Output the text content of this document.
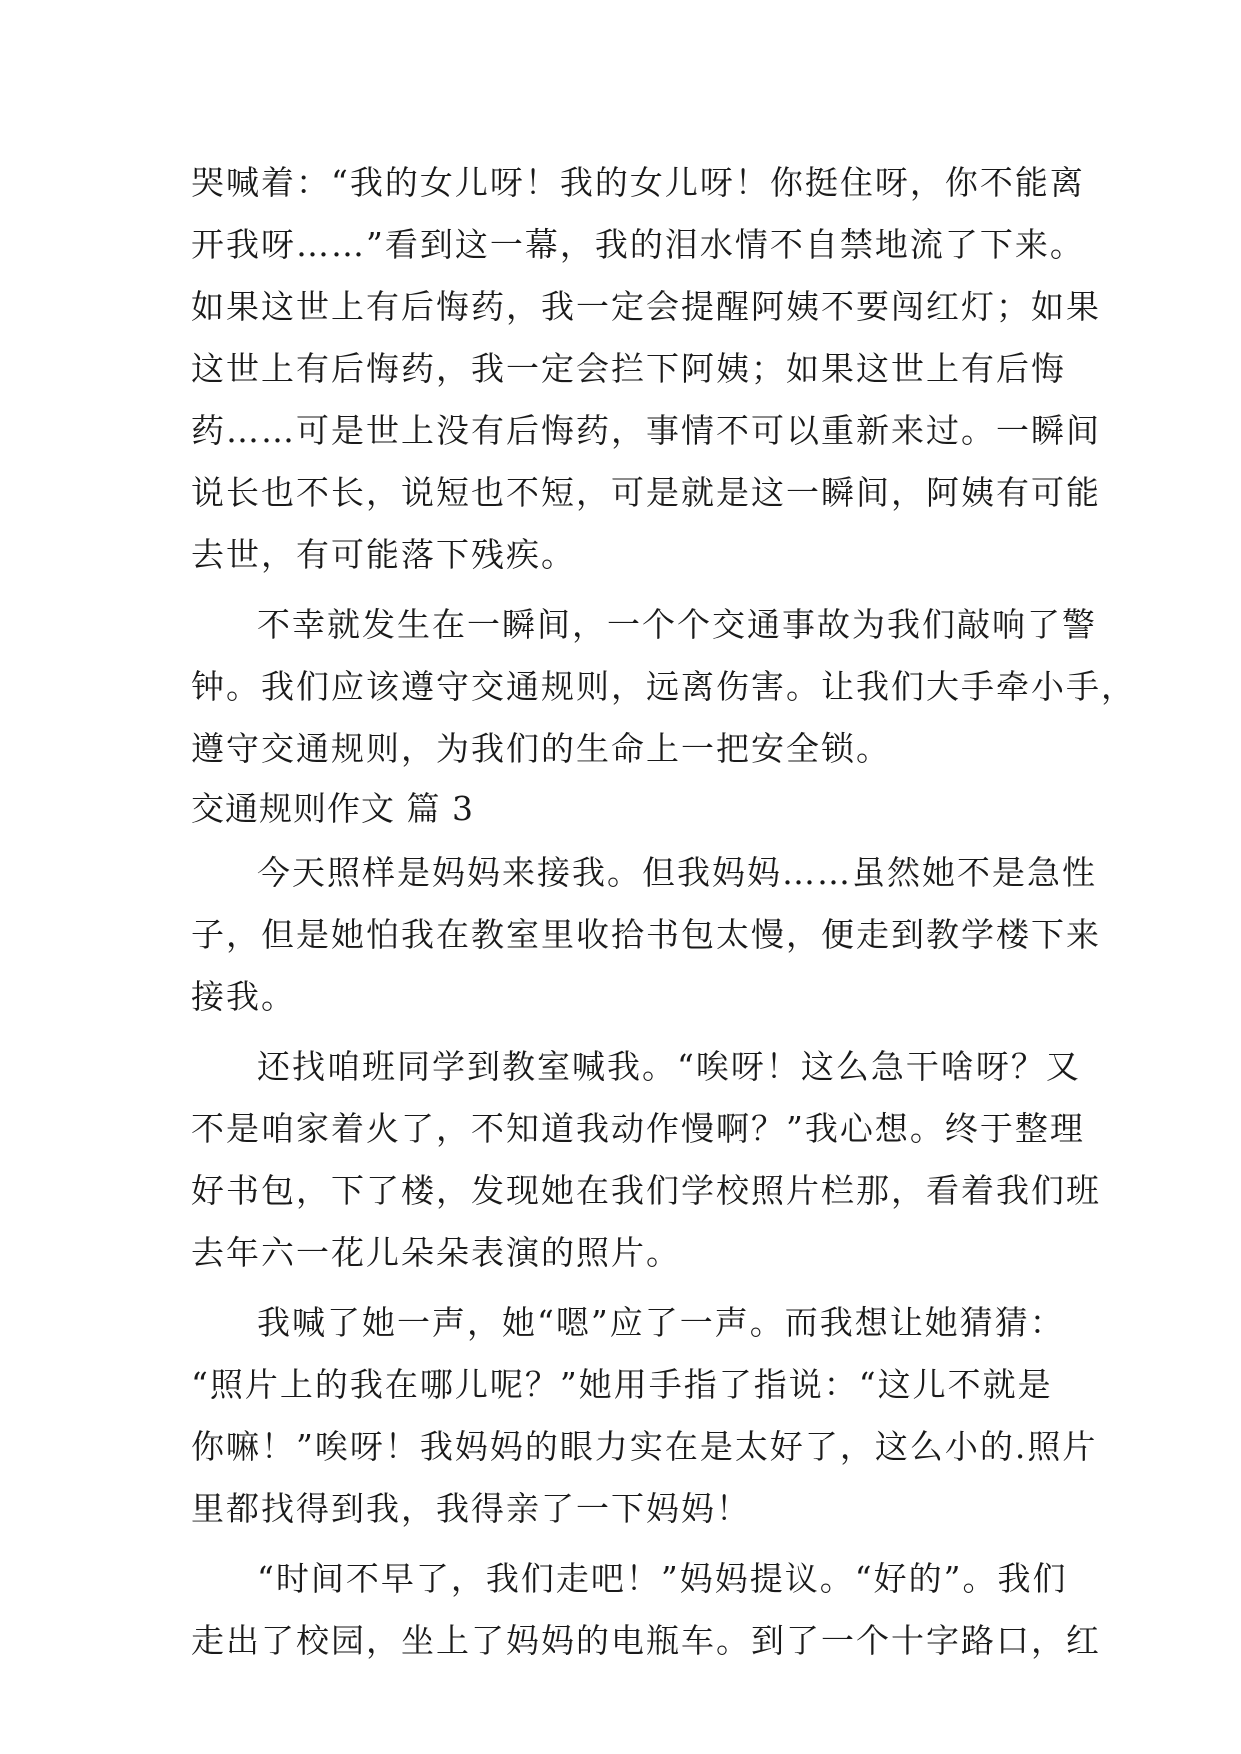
哭喊着：“我的女儿呀！我的女儿呀！你挺住呀，你不能离
开我呀……”看到这一幕，我的泪水情不自禁地流了下来。
如果这世上有后悔药，我一定会提醒阿姨不要闯红灯；如果
这世上有后悔药，我一定会拦下阿姨；如果这世上有后悔
药……可是世上没有后悔药，事情不可以重新来过。一瞬间
说长也不长，说短也不短，可是就是这一瞬间，阿姨有可能
去世，有可能落下残疾。
不幸就发生在一瞬间，一个个交通事故为我们敲响了警
钟。我们应该遵守交通规则，远离伤害。让我们大手牵小手，
遵守交通规则，为我们的生命上一把安全锁。
交通规则作文 篇 3
今天照样是妈妈来接我。但我妈妈……虽然她不是急性
子，但是她怕我在教室里收拾书包太慢，便走到教学楼下来
接我。
还找咱班同学到教室喊我。“唉呀！这么急干啥呀？又
不是咱家着火了，不知道我动作慢啊？”我心想。终于整理
好书包，下了楼，发现她在我们学校照片栏那，看着我们班
去年六一花儿朵朵表演的照片。
我喊了她一声，她“嗯”应了一声。而我想让她猜猜：
“照片上的我在哪儿呢？”她用手指了指说：“这儿不就是
你嘛！”唉呀！我妈妈的眼力实在是太好了，这么小的.照片
里都找得到我，我得亲了一下妈妈！
“时间不早了，我们走吧！”妈妈提议。“好的”。我们
走出了校园，坐上了妈妈的电瓶车。到了一个十字路口，红
